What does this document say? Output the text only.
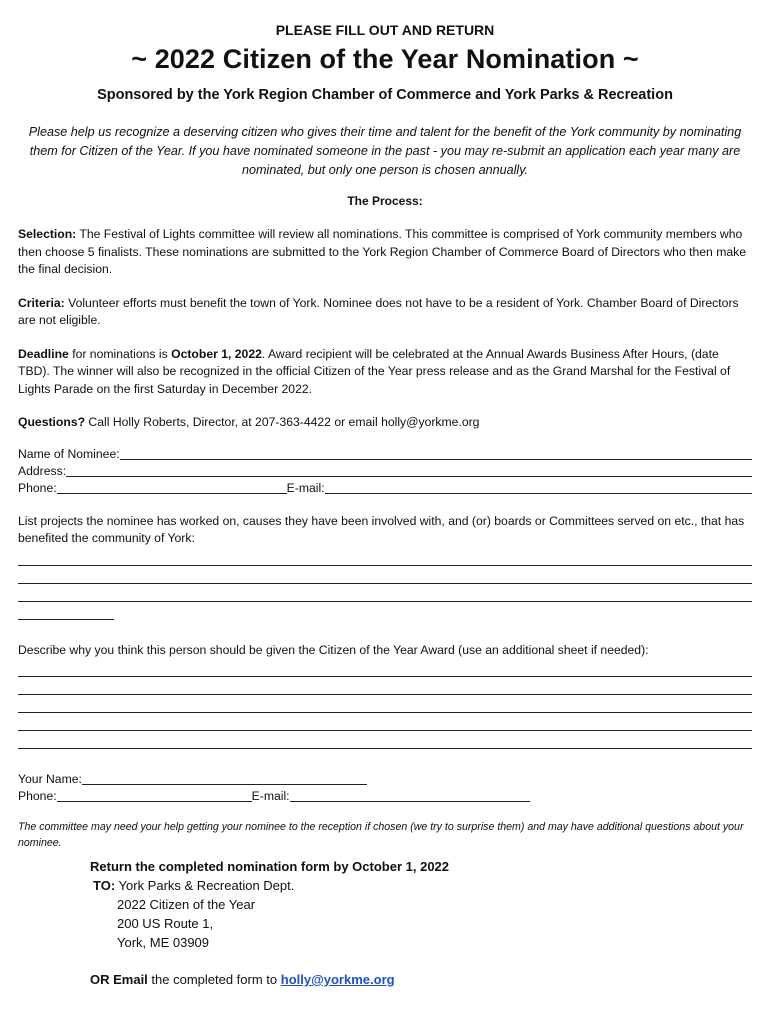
PLEASE FILL OUT AND RETURN
~ 2022 Citizen of the Year Nomination ~
Sponsored by the York Region Chamber of Commerce and York Parks & Recreation
Please help us recognize a deserving citizen who gives their time and talent for the benefit of the York community by nominating them for Citizen of the Year. If you have nominated someone in the past - you may re-submit an application each year many are nominated, but only one person is chosen annually.
The Process:

Selection: The Festival of Lights committee will review all nominations. This committee is comprised of York community members who then choose 5 finalists. These nominations are submitted to the York Region Chamber of Commerce Board of Directors who then make the final decision.

Criteria: Volunteer efforts must benefit the town of York. Nominee does not have to be a resident of York. Chamber Board of Directors are not eligible.

Deadline for nominations is October 1, 2022. Award recipient will be celebrated at the Annual Awards Business After Hours, (date TBD). The winner will also be recognized in the official Citizen of the Year press release and as the Grand Marshal for the Festival of Lights Parade on the first Saturday in December 2022.

Questions? Call Holly Roberts, Director, at 207-363-4422 or email holly@yorkme.org

Name of Nominee:
Address:
Phone:	E-mail:

List projects the nominee has worked on, causes they have been involved with, and (or) boards or Committees served on etc., that has benefited the community of York:

Describe why you think this person should be given the Citizen of the Year Award (use an additional sheet if needed):

Your Name:
Phone:	E-mail:
The committee may need your help getting your nominee to the reception if chosen (we try to surprise them) and may have additional questions about your nominee.
Return the completed nomination form by October 1, 2022
TO: York Parks & Recreation Dept.
2022 Citizen of the Year
200 US Route 1,
York, ME 03909
OR Email the completed form to holly@yorkme.org
